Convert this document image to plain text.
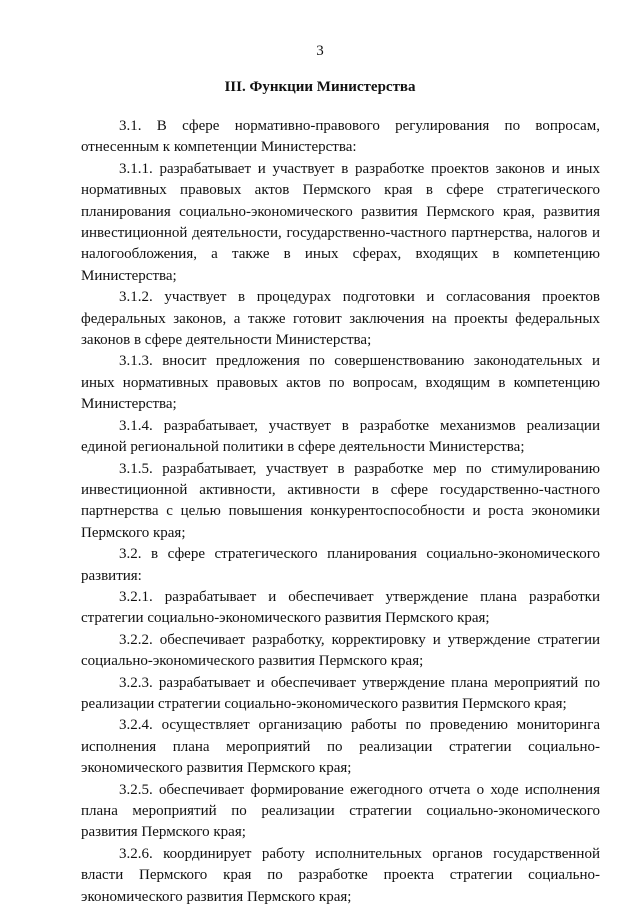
3
III. Функции Министерства

3.1. В сфере нормативно-правового регулирования по вопросам, отнесенным к компетенции Министерства:

3.1.1. разрабатывает и участвует в разработке проектов законов и иных нормативных правовых актов Пермского края в сфере стратегического планирования социально-экономического развития Пермского края, развития инвестиционной деятельности, государственно-частного партнерства, налогов и налогообложения, а также в иных сферах, входящих в компетенцию Министерства;

3.1.2. участвует в процедурах подготовки и согласования проектов федеральных законов, а также готовит заключения на проекты федеральных законов в сфере деятельности Министерства;

3.1.3. вносит предложения по совершенствованию законодательных и иных нормативных правовых актов по вопросам, входящим в компетенцию Министерства;

3.1.4. разрабатывает, участвует в разработке механизмов реализации единой региональной политики в сфере деятельности Министерства;

3.1.5. разрабатывает, участвует в разработке мер по стимулированию инвестиционной активности, активности в сфере государственно-частного партнерства с целью повышения конкурентоспособности и роста экономики Пермского края;

3.2. в сфере стратегического планирования социально-экономического развития:

3.2.1. разрабатывает и обеспечивает утверждение плана разработки стратегии социально-экономического развития Пермского края;

3.2.2. обеспечивает разработку, корректировку и утверждение стратегии социально-экономического развития Пермского края;

3.2.3. разрабатывает и обеспечивает утверждение плана мероприятий по реализации стратегии социально-экономического развития Пермского края;

3.2.4. осуществляет организацию работы по проведению мониторинга исполнения плана мероприятий по реализации стратегии социально-экономического развития Пермского края;

3.2.5. обеспечивает формирование ежегодного отчета о ходе исполнения плана мероприятий по реализации стратегии социально-экономического развития Пермского края;

3.2.6. координирует работу исполнительных органов государственной власти Пермского края по разработке проекта стратегии социально-экономического развития Пермского края;
